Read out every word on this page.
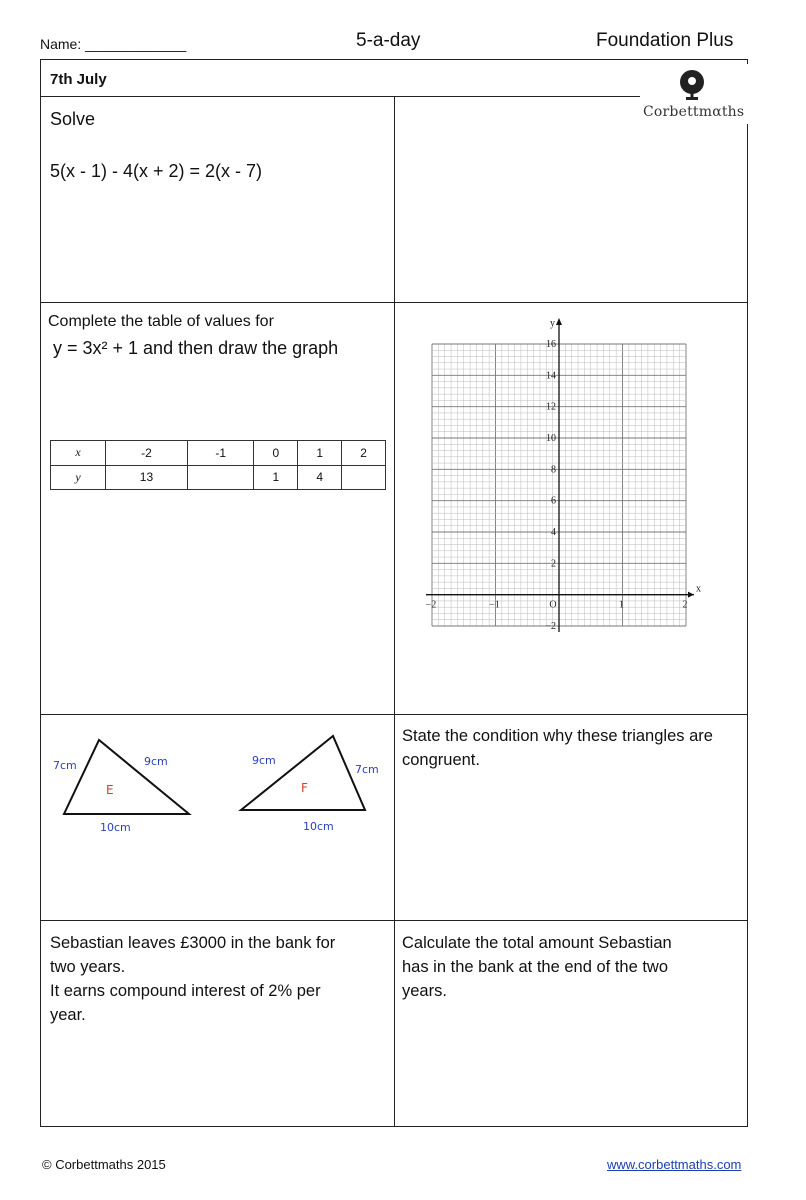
Name: _____________	5-a-day	Foundation Plus
7th July
Corbettmαths
Solve
5(x - 1) - 4(x + 2) = 2(x - 7)
Complete the table of values for
y = 3x² + 1 and then draw the graph
x	-2	-1	0	1	2
y	13		1	4	
−2	−1	O	1	2
16
14
12
10
8
6
4
2
−2
x
y
7cm	9cm
10cm
E
9cm
7cm
10cm
F
State the condition why these triangles are congruent.
Sebastian leaves £3000 in the bank for
two years.
It earns compound interest of 2% per
year.
Calculate the total amount Sebastian
has in the bank at the end of the two
years.
© Corbettmaths 2015	www.corbettmaths.com
